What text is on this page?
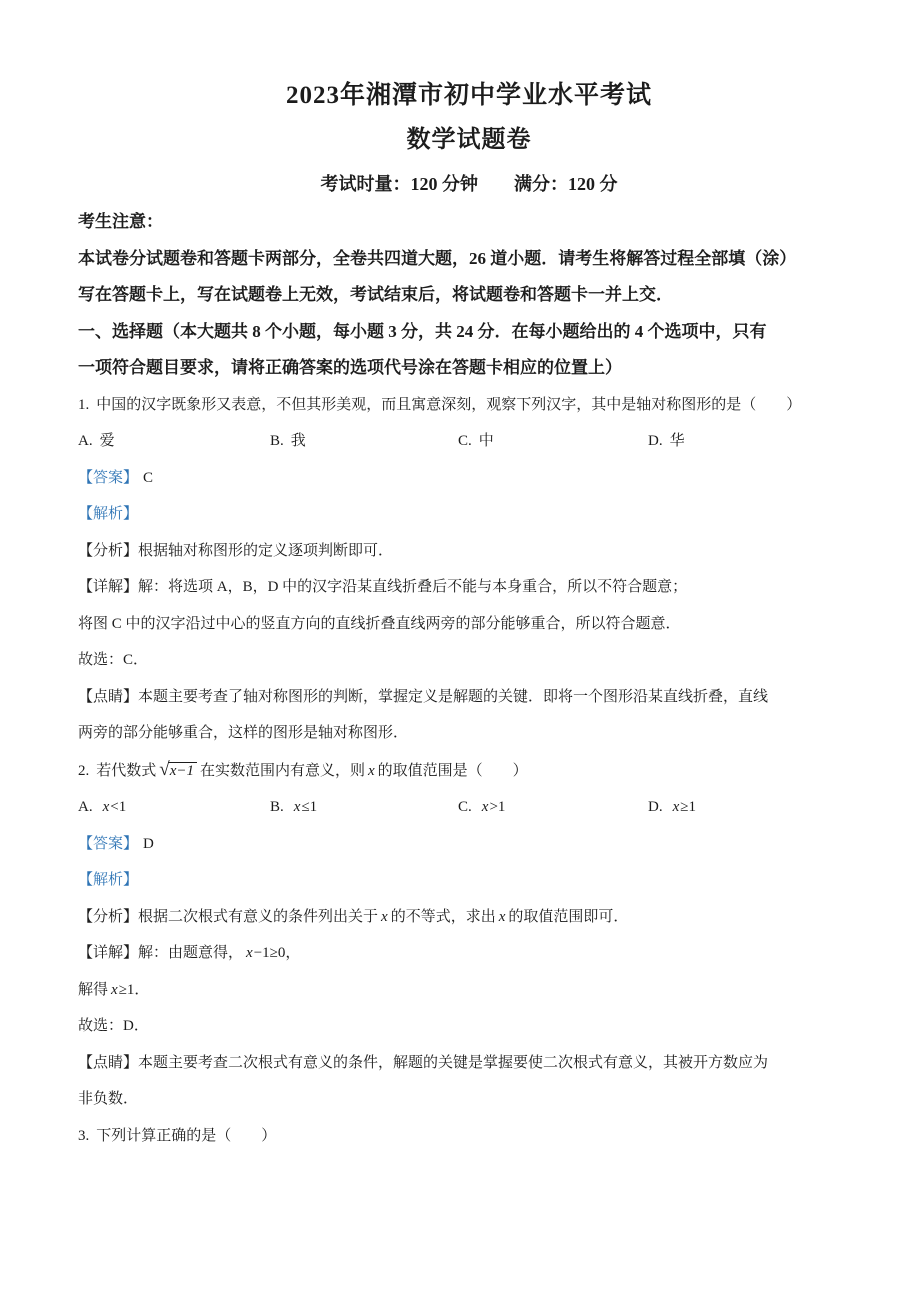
2023年湘潭市初中学业水平考试
数学试题卷
考试时量：120 分钟　　满分：120 分
考生注意：
本试卷分试题卷和答题卡两部分，全卷共四道大题，26 道小题．请考生将解答过程全部填（涂）
写在答题卡上，写在试题卷上无效，考试结束后，将试题卷和答题卡一并上交．
一、选择题（本大题共 8 个小题，每小题 3 分，共 24 分．在每小题给出的 4 个选项中，只有
一项符合题目要求，请将正确答案的选项代号涂在答题卡相应的位置上）
1. 中国的汉字既象形又表意，不但其形美观，而且寓意深刻，观察下列汉字，其中是轴对称图形的是（　　）
A. 爱	B. 我	C. 中	D. 华
【答案】 C
【解析】
【分析】根据轴对称图形的定义逐项判断即可．
【详解】解：将选项 A，B，D 中的汉字沿某直线折叠后不能与本身重合，所以不符合题意；
将图 C 中的汉字沿过中心的竖直方向的直线折叠直线两旁的部分能够重合，所以符合题意．
故选：C．
【点睛】本题主要考查了轴对称图形的判断，掌握定义是解题的关键．即将一个图形沿某直线折叠，直线
两旁的部分能够重合，这样的图形是轴对称图形．
2. 若代数式 √x−1 在实数范围内有意义，则 x 的取值范围是（　　）
A. x<1	B. x≤1	C. x>1	D. x≥1
【答案】 D
【解析】
【分析】根据二次根式有意义的条件列出关于 x 的不等式，求出 x 的取值范围即可．
【详解】解：由题意得， x−1≥0，
解得 x≥1．
故选：D．
【点睛】本题主要考查二次根式有意义的条件，解题的关键是掌握要使二次根式有意义，其被开方数应为
非负数．
3. 下列计算正确的是（　　）
